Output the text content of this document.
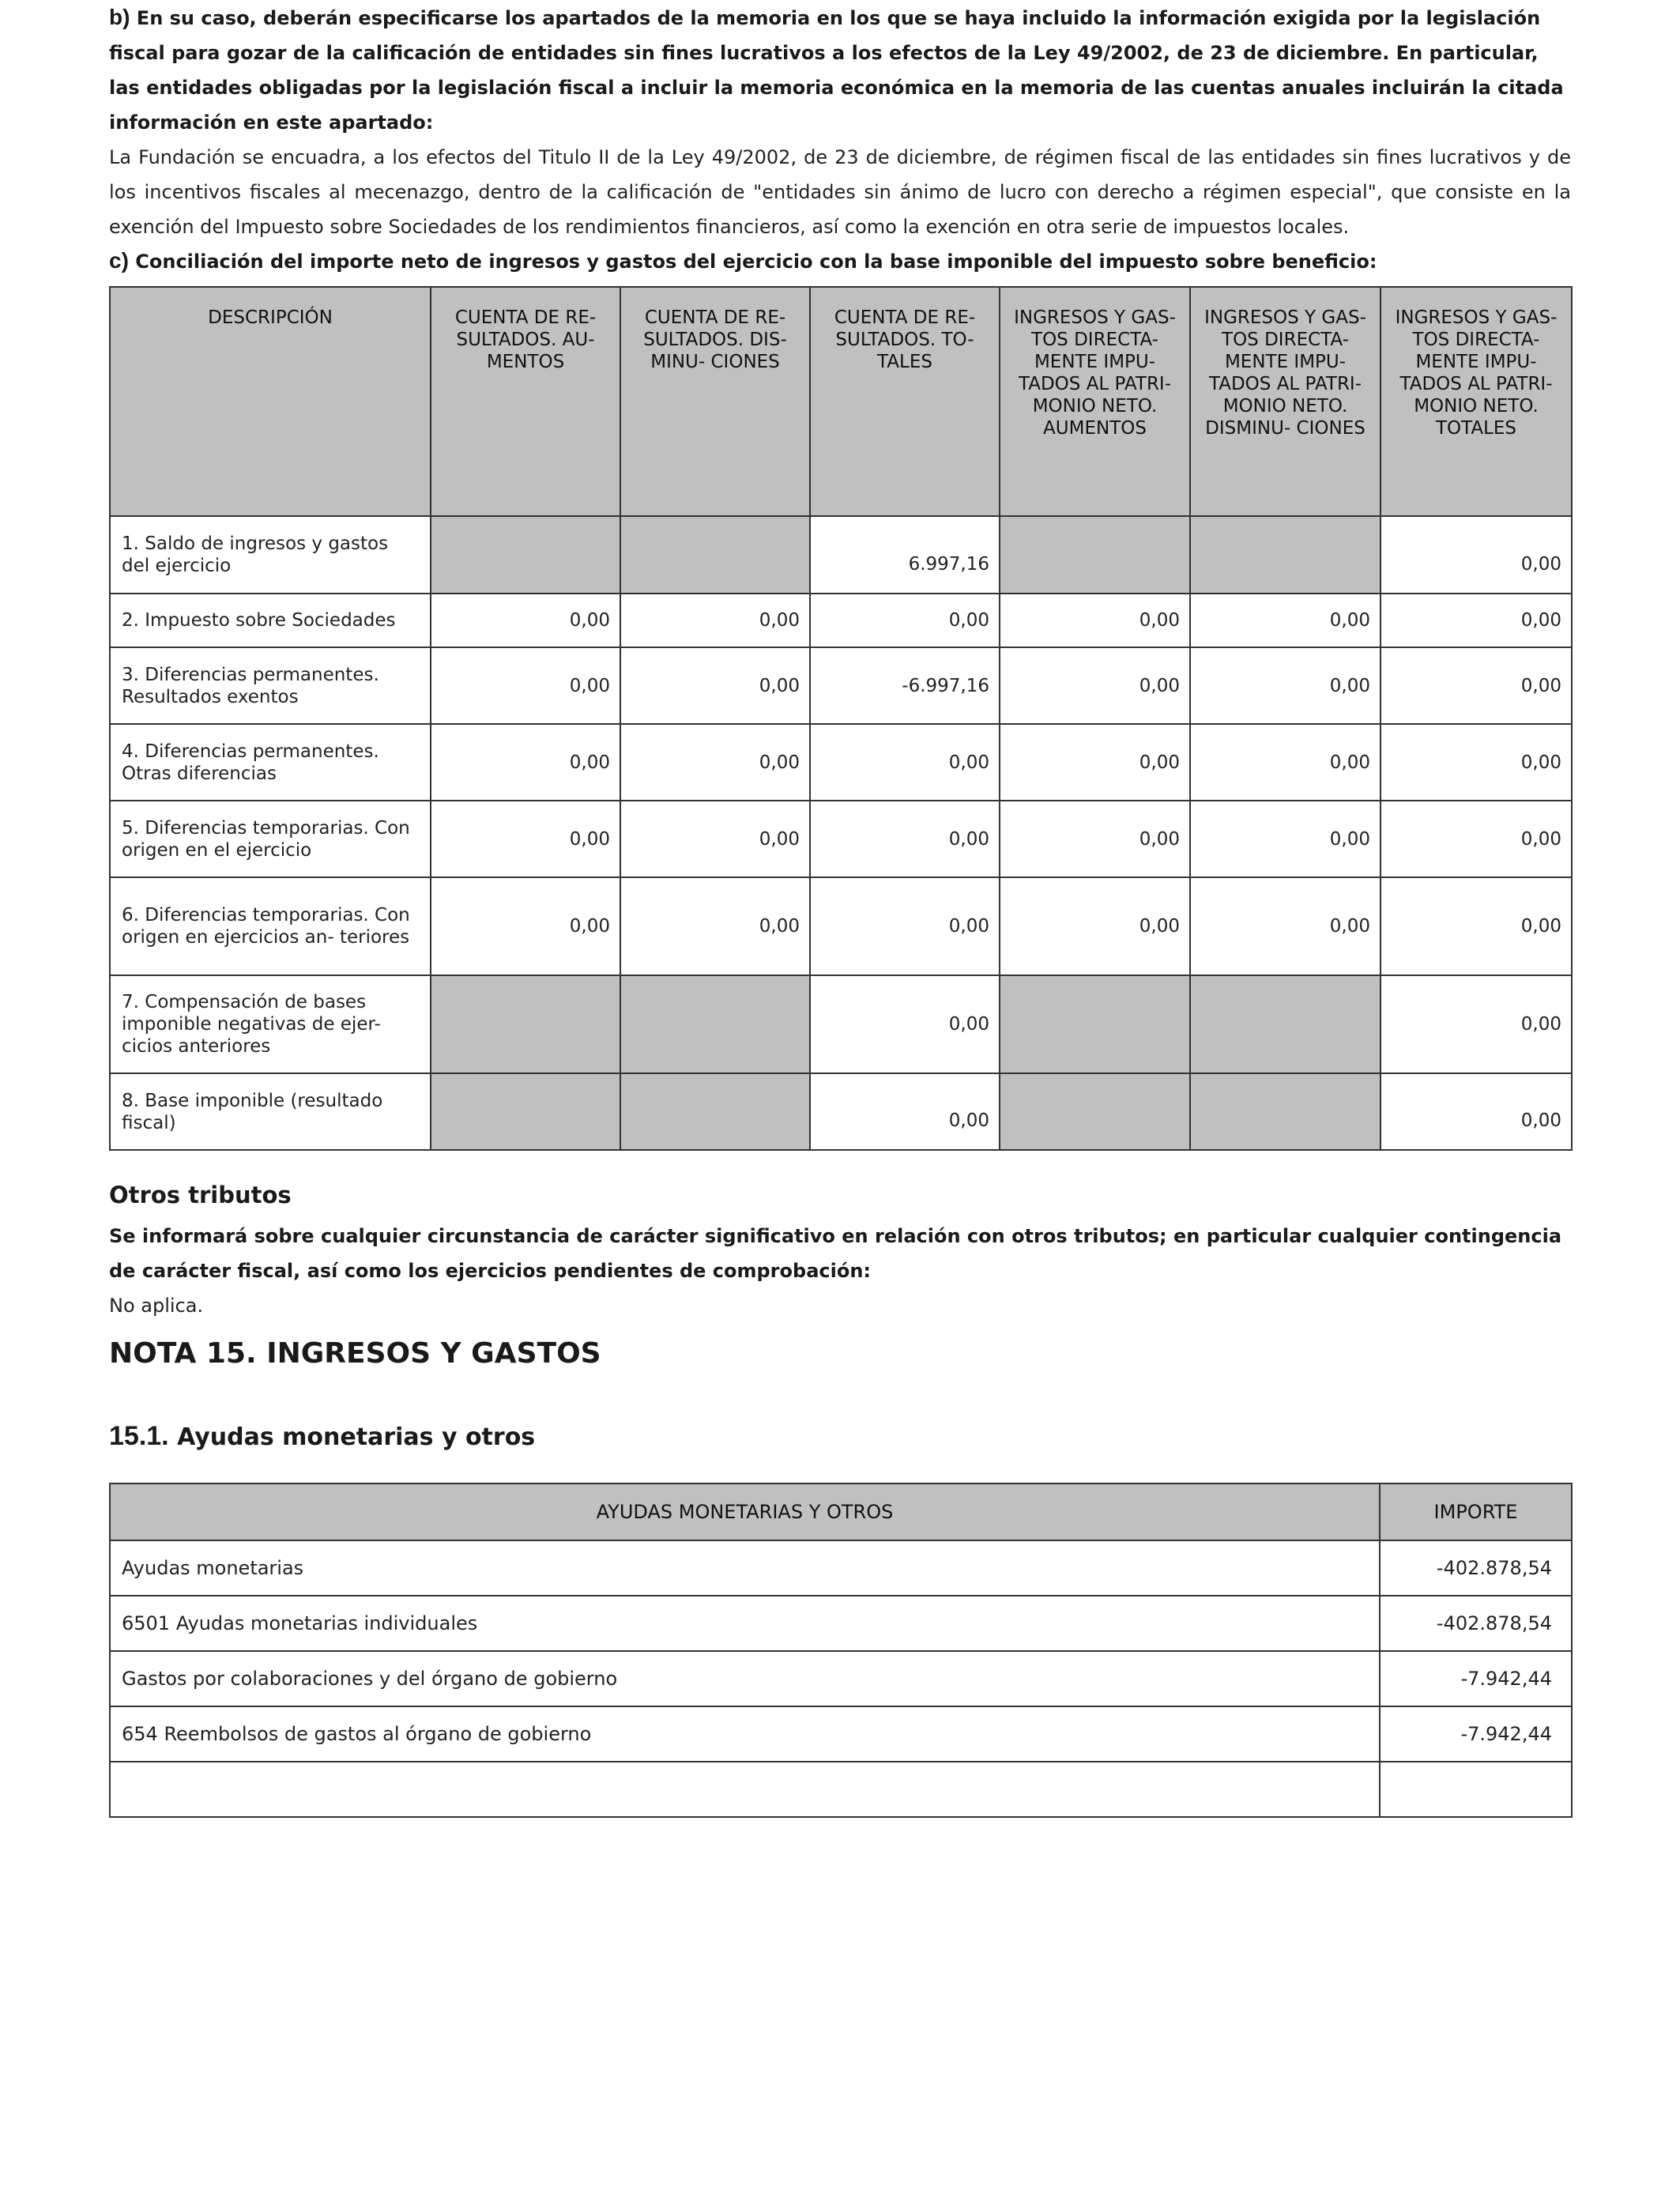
b) En su caso, deberán especificarse los apartados de la memoria en los que se haya incluido la información exigida por la legislación fiscal para gozar de la calificación de entidades sin fines lucrativos a los efectos de la Ley 49/2002, de 23 de diciembre. En particular, las entidades obligadas por la legislación fiscal a incluir la memoria económica en la memoria de las cuentas anuales incluirán la citada información en este apartado:

La Fundación se encuadra, a los efectos del Titulo II de la Ley 49/2002, de 23 de diciembre, de régimen fiscal de las entidades sin fines lucrativos y de los incentivos fiscales al mecenazgo, dentro de la calificación de "entidades sin ánimo de lucro con derecho a régimen especial", que consiste en la exención del Impuesto sobre Sociedades de los rendimientos financieros, así como la exención en otra serie de impuestos locales.

c) Conciliación del importe neto de ingresos y gastos del ejercicio con la base imponible del impuesto sobre beneficio:

DESCRIPCIÓN	CUENTA DE RE- SULTADOS. AU- MENTOS	CUENTA DE RE- SULTADOS. DIS- MINU- CIONES	CUENTA DE RE- SULTADOS. TO- TALES	INGRESOS Y GAS- TOS DIRECTA- MENTE IMPU- TADOS AL PATRI- MONIO NETO. AUMENTOS	INGRESOS Y GAS- TOS DIRECTA- MENTE IMPU- TADOS AL PATRI- MONIO NETO. DISMINU- CIONES	INGRESOS Y GAS- TOS DIRECTA- MENTE IMPU- TADOS AL PATRI- MONIO NETO. TOTALES
1. Saldo de ingresos y gastos del ejercicio			6.997,16			0,00
2. Impuesto sobre Sociedades	0,00	0,00	0,00	0,00	0,00	0,00
3. Diferencias permanentes. Resultados exentos	0,00	0,00	-6.997,16	0,00	0,00	0,00
4. Diferencias permanentes. Otras diferencias	0,00	0,00	0,00	0,00	0,00	0,00
5. Diferencias temporarias. Con origen en el ejercicio	0,00	0,00	0,00	0,00	0,00	0,00
6. Diferencias temporarias. Con origen en ejercicios an- teriores	0,00	0,00	0,00	0,00	0,00	0,00
7. Compensación de bases imponible negativas de ejer- cicios anteriores			0,00			0,00
8. Base imponible (resultado fiscal)			0,00			0,00

Otros tributos

Se informará sobre cualquier circunstancia de carácter significativo en relación con otros tributos; en particular cualquier contingencia de carácter fiscal, así como los ejercicios pendientes de comprobación:

No aplica.

NOTA 15. INGRESOS Y GASTOS
15.1. Ayudas monetarias y otros
AYUDAS MONETARIAS Y OTROS	IMPORTE
Ayudas monetarias	-402.878,54
6501 Ayudas monetarias individuales	-402.878,54
Gastos por colaboraciones y del órgano de gobierno	-7.942,44
654 Reembolsos de gastos al órgano de gobierno	-7.942,44
